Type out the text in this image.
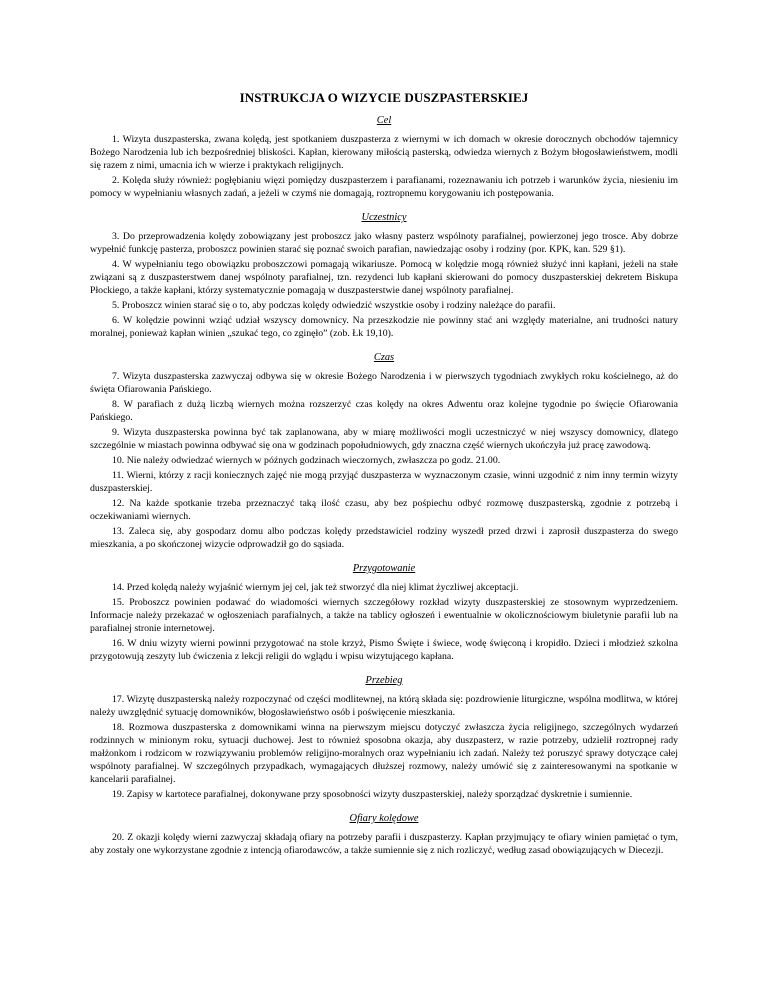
INSTRUKCJA O WIZYCIE DUSZPASTERSKIEJ
Cel

1. Wizyta duszpasterska, zwana kolędą, jest spotkaniem duszpasterza z wiernymi w ich domach w okresie dorocznych obchodów tajemnicy Bożego Narodzenia lub ich bezpośredniej bliskości. Kapłan, kierowany miłością pasterską, odwiedza wiernych z Bożym błogosławieństwem, modli się razem z nimi, umacnia ich w wierze i praktykach religijnych.

2. Kolęda służy również: pogłębianiu więzi pomiędzy duszpasterzem i parafianami, rozeznawaniu ich potrzeb i warunków życia, niesieniu im pomocy w wypełnianiu własnych zadań, a jeżeli w czymś nie domagają, roztropnemu korygowaniu ich postępowania.

Uczestnicy

3. Do przeprowadzenia kolędy zobowiązany jest proboszcz jako własny pasterz wspólnoty parafialnej, powierzonej jego trosce. Aby dobrze wypełnić funkcję pasterza, proboszcz powinien starać się poznać swoich parafian, nawiedzając osoby i rodziny (por. KPK, kan. 529 §1).

4. W wypełnianiu tego obowiązku proboszczowi pomagają wikariusze. Pomocą w kolędzie mogą również służyć inni kapłani, jeżeli na stałe związani są z duszpasterstwem danej wspólnoty parafialnej, tzn. rezydenci lub kapłani skierowani do pomocy duszpasterskiej dekretem Biskupa Płockiego, a także kapłani, którzy systematycznie pomagają w duszpasterstwie danej wspólnoty parafialnej.

5. Proboszcz winien starać się o to, aby podczas kolędy odwiedzić wszystkie osoby i rodziny należące do parafii.

6. W kolędzie powinni wziąć udział wszyscy domownicy. Na przeszkodzie nie powinny stać ani względy materialne, ani trudności natury moralnej, ponieważ kapłan winien „szukać tego, co zginęło” (zob. Łk 19,10).

Czas

7. Wizyta duszpasterska zazwyczaj odbywa się w okresie Bożego Narodzenia i w pierwszych tygodniach zwykłych roku kościelnego, aż do święta Ofiarowania Pańskiego.

8. W parafiach z dużą liczbą wiernych można rozszerzyć czas kolędy na okres Adwentu oraz kolejne tygodnie po święcie Ofiarowania Pańskiego.

9. Wizyta duszpasterska powinna być tak zaplanowana, aby w miarę możliwości mogli uczestniczyć w niej wszyscy domownicy, dlatego szczególnie w miastach powinna odbywać się ona w godzinach popołudniowych, gdy znaczna część wiernych ukończyła już pracę zawodową.

10. Nie należy odwiedzać wiernych w późnych godzinach wieczornych, zwłaszcza po godz. 21.00.

11. Wierni, którzy z racji koniecznych zajęć nie mogą przyjąć duszpasterza w wyznaczonym czasie, winni uzgodnić z nim inny termin wizyty duszpasterskiej.

12. Na każde spotkanie trzeba przeznaczyć taką ilość czasu, aby bez pośpiechu odbyć rozmowę duszpasterską, zgodnie z potrzebą i oczekiwaniami wiernych.

13. Zaleca się, aby gospodarz domu albo podczas kolędy przedstawiciel rodziny wyszedł przed drzwi i zaprosił duszpasterza do swego mieszkania, a po skończonej wizycie odprowadził go do sąsiada.

Przygotowanie

14. Przed kolędą należy wyjaśnić wiernym jej cel, jak też stworzyć dla niej klimat życzliwej akceptacji.

15. Proboszcz powinien podawać do wiadomości wiernych szczegółowy rozkład wizyty duszpasterskiej ze stosownym wyprzedzeniem. Informacje należy przekazać w ogłoszeniach parafialnych, a także na tablicy ogłoszeń i ewentualnie w okolicznościowym biuletynie parafii lub na parafialnej stronie internetowej.

16. W dniu wizyty wierni powinni przygotować na stole krzyż, Pismo Święte i świece, wodę święconą i kropidło. Dzieci i młodzież szkolna przygotowują zeszyty lub ćwiczenia z lekcji religii do wglądu i wpisu wizytującego kapłana.

Przebieg

17. Wizytę duszpasterską należy rozpoczynać od części modlitewnej, na którą składa się: pozdrowienie liturgiczne, wspólna modlitwa, w której należy uwzględnić sytuację domowników, błogosławieństwo osób i poświęcenie mieszkania.

18. Rozmowa duszpasterska z domownikami winna na pierwszym miejscu dotyczyć zwłaszcza życia religijnego, szczególnych wydarzeń rodzinnych w minionym roku, sytuacji duchowej. Jest to również sposobna okazja, aby duszpasterz, w razie potrzeby, udzielił roztropnej rady małżonkom i rodzicom w rozwiązywaniu problemów religijno-moralnych oraz wypełnianiu ich zadań. Należy też poruszyć sprawy dotyczące całej wspólnoty parafialnej. W szczególnych przypadkach, wymagających dłuższej rozmowy, należy umówić się z zainteresowanymi na spotkanie w kancelarii parafialnej.

19. Zapisy w kartotece parafialnej, dokonywane przy sposobności wizyty duszpasterskiej, należy sporządzać dyskretnie i sumiennie.

Ofiary kolędowe

20. Z okazji kolędy wierni zazwyczaj składają ofiary na potrzeby parafii i duszpasterzy. Kapłan przyjmujący te ofiary winien pamiętać o tym, aby zostały one wykorzystane zgodnie z intencją ofiarodawców, a także sumiennie się z nich rozliczyć, według zasad obowiązujących w Diecezji.
